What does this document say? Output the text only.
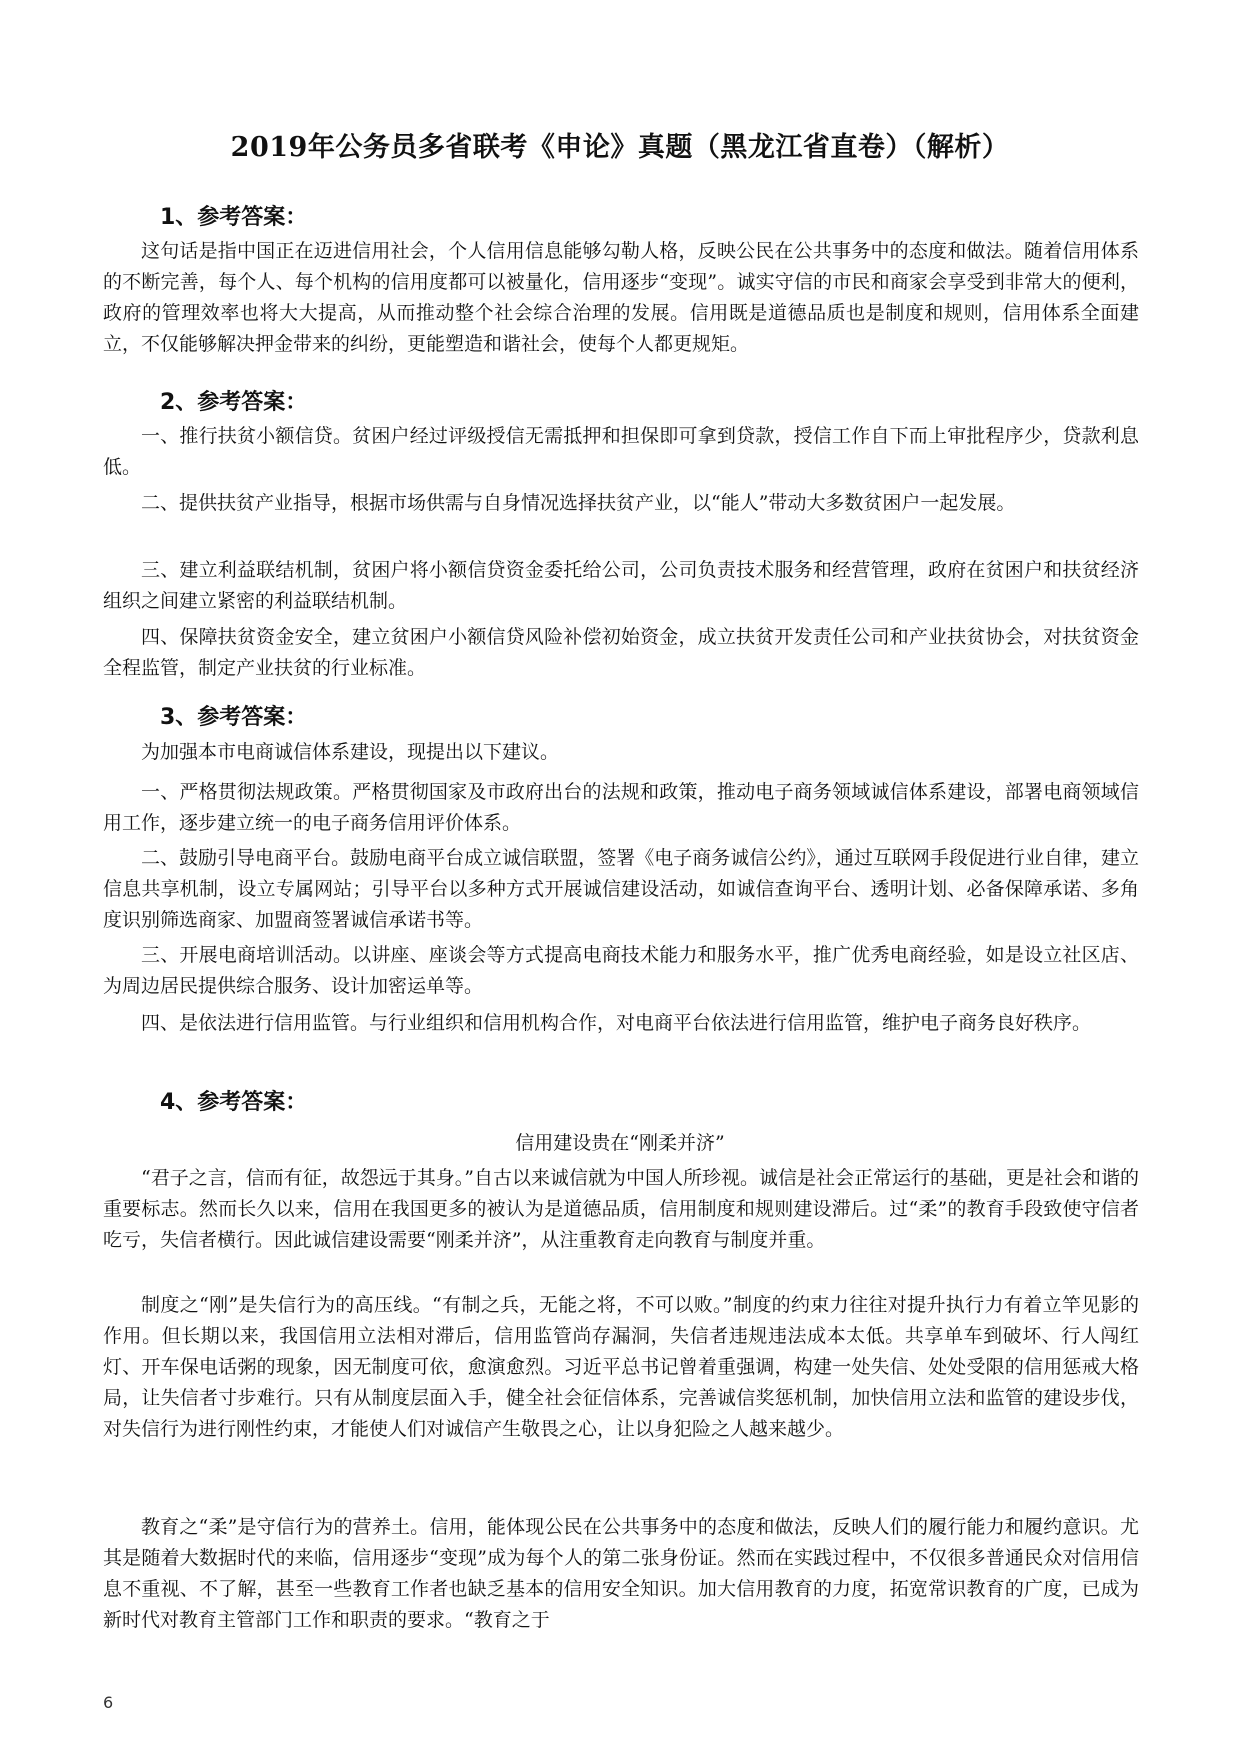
2019年公务员多省联考《申论》真题（黑龙江省直卷）（解析）
1、参考答案：
这句话是指中国正在迈进信用社会，个人信用信息能够勾勒人格，反映公民在公共事务中的态度和做法。随着信用体系的不断完善，每个人、每个机构的信用度都可以被量化，信用逐步“变现”。诚实守信的市民和商家会享受到非常大的便利，政府的管理效率也将大大提高，从而推动整个社会综合治理的发展。信用既是道德品质也是制度和规则，信用体系全面建立，不仅能够解决押金带来的纠纷，更能塑造和谐社会，使每个人都更规矩。
2、参考答案：
一、推行扶贫小额信贷。贫困户经过评级授信无需抵押和担保即可拿到贷款，授信工作自下而上审批程序少，贷款利息低。
二、提供扶贫产业指导，根据市场供需与自身情况选择扶贫产业，以“能人”带动大多数贫困户一起发展。
三、建立利益联结机制，贫困户将小额信贷资金委托给公司，公司负责技术服务和经营管理，政府在贫困户和扶贫经济组织之间建立紧密的利益联结机制。
四、保障扶贫资金安全，建立贫困户小额信贷风险补偿初始资金，成立扶贫开发责任公司和产业扶贫协会，对扶贫资金全程监管，制定产业扶贫的行业标准。
3、参考答案：
为加强本市电商诚信体系建设，现提出以下建议。
一、严格贯彻法规政策。严格贯彻国家及市政府出台的法规和政策，推动电子商务领域诚信体系建设，部署电商领域信用工作，逐步建立统一的电子商务信用评价体系。
二、鼓励引导电商平台。鼓励电商平台成立诚信联盟，签署《电子商务诚信公约》，通过互联网手段促进行业自律，建立信息共享机制，设立专属网站；引导平台以多种方式开展诚信建设活动，如诚信查询平台、透明计划、必备保障承诺、多角度识别筛选商家、加盟商签署诚信承诺书等。
三、开展电商培训活动。以讲座、座谈会等方式提高电商技术能力和服务水平，推广优秀电商经验，如是设立社区店、为周边居民提供综合服务、设计加密运单等。
四、是依法进行信用监管。与行业组织和信用机构合作，对电商平台依法进行信用监管，维护电子商务良好秩序。
4、参考答案：
信用建设贵在“刚柔并济”
“君子之言，信而有征，故怨远于其身。”自古以来诚信就为中国人所珍视。诚信是社会正常运行的基础，更是社会和谐的重要标志。然而长久以来，信用在我国更多的被认为是道德品质，信用制度和规则建设滞后。过“柔”的教育手段致使守信者吃亏，失信者横行。因此诚信建设需要“刚柔并济”，从注重教育走向教育与制度并重。
制度之“刚”是失信行为的高压线。“有制之兵，无能之将，不可以败。”制度的约束力往往对提升执行力有着立竿见影的作用。但长期以来，我国信用立法相对滞后，信用监管尚存漏洞，失信者违规违法成本太低。共享单车到破坏、行人闯红灯、开车保电话粥的现象，因无制度可依，愈演愈烈。习近平总书记曾着重强调，构建一处失信、处处受限的信用惩戒大格局，让失信者寸步难行。只有从制度层面入手，健全社会征信体系，完善诚信奖惩机制，加快信用立法和监管的建设步伐，对失信行为进行刚性约束，才能使人们对诚信产生敬畏之心，让以身犯险之人越来越少。
教育之“柔”是守信行为的营养土。信用，能体现公民在公共事务中的态度和做法，反映人们的履行能力和履约意识。尤其是随着大数据时代的来临，信用逐步“变现”成为每个人的第二张身份证。然而在实践过程中，不仅很多普通民众对信用信息不重视、不了解，甚至一些教育工作者也缺乏基本的信用安全知识。加大信用教育的力度，拓宽常识教育的广度，已成为新时代对教育主管部门工作和职责的要求。“教育之于
6
